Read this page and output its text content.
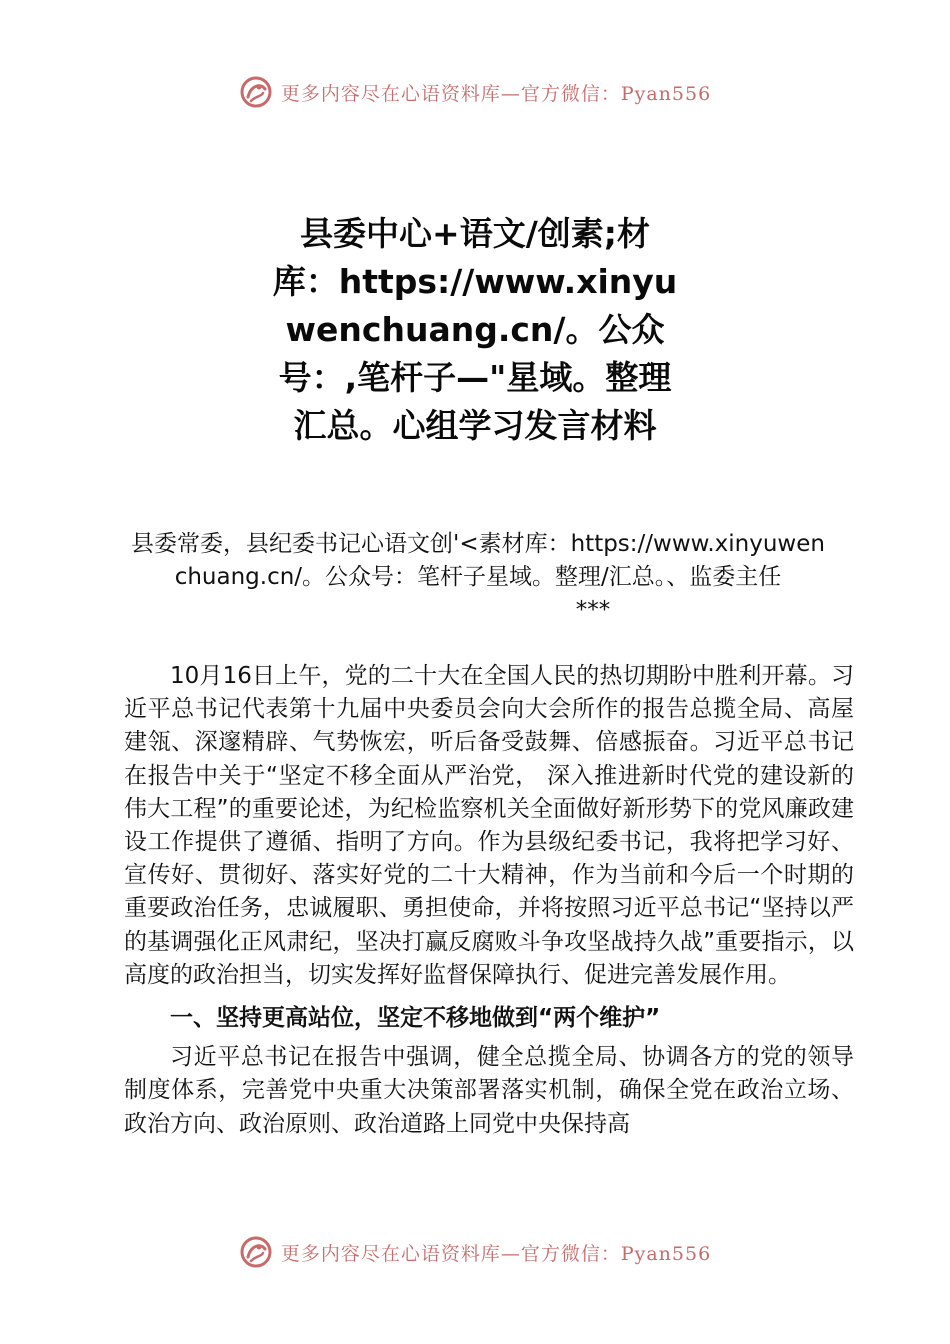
更多内容尽在心语资料库—官方微信：Pyan556
县委中心+语文/创素;材库：https://www.xinyuwenchuang.cn/。公众号：,笔杆子—"星域。整理汇总。心组学习发言材料
县委常委，县纪委书记心语文创'<素材库：https://www.xinyuwenchuang.cn/。公众号：笔杆子星域。整理/汇总。、监委主任***

10月16日上午，党的二十大在全国人民的热切期盼中胜利开幕。习近平总书记代表第十九届中央委员会向大会所作的报告总揽全局、高屋建瓴、深邃精辟、气势恢宏，听后备受鼓舞、倍感振奋。习近平总书记在报告中关于“坚定不移全面从严治党， 深入推进新时代党的建设新的伟大工程”的重要论述，为纪检监察机关全面做好新形势下的党风廉政建设工作提供了遵循、指明了方向。作为县级纪委书记，我将把学习好、宣传好、贯彻好、落实好党的二十大精神，作为当前和今后一个时期的重要政治任务，忠诚履职、勇担使命，并将按照习近平总书记“坚持以严的基调强化正风肃纪，坚决打赢反腐败斗争攻坚战持久战”重要指示，以高度的政治担当，切实发挥好监督保障执行、促进完善发展作用。

一、坚持更高站位，坚定不移地做到“两个维护”

习近平总书记在报告中强调，健全总揽全局、协调各方的党的领导制度体系，完善党中央重大决策部署落实机制，确保全党在政治立场、政治方向、政治原则、政治道路上同党中央保持高

更多内容尽在心语资料库—官方微信：Pyan556
